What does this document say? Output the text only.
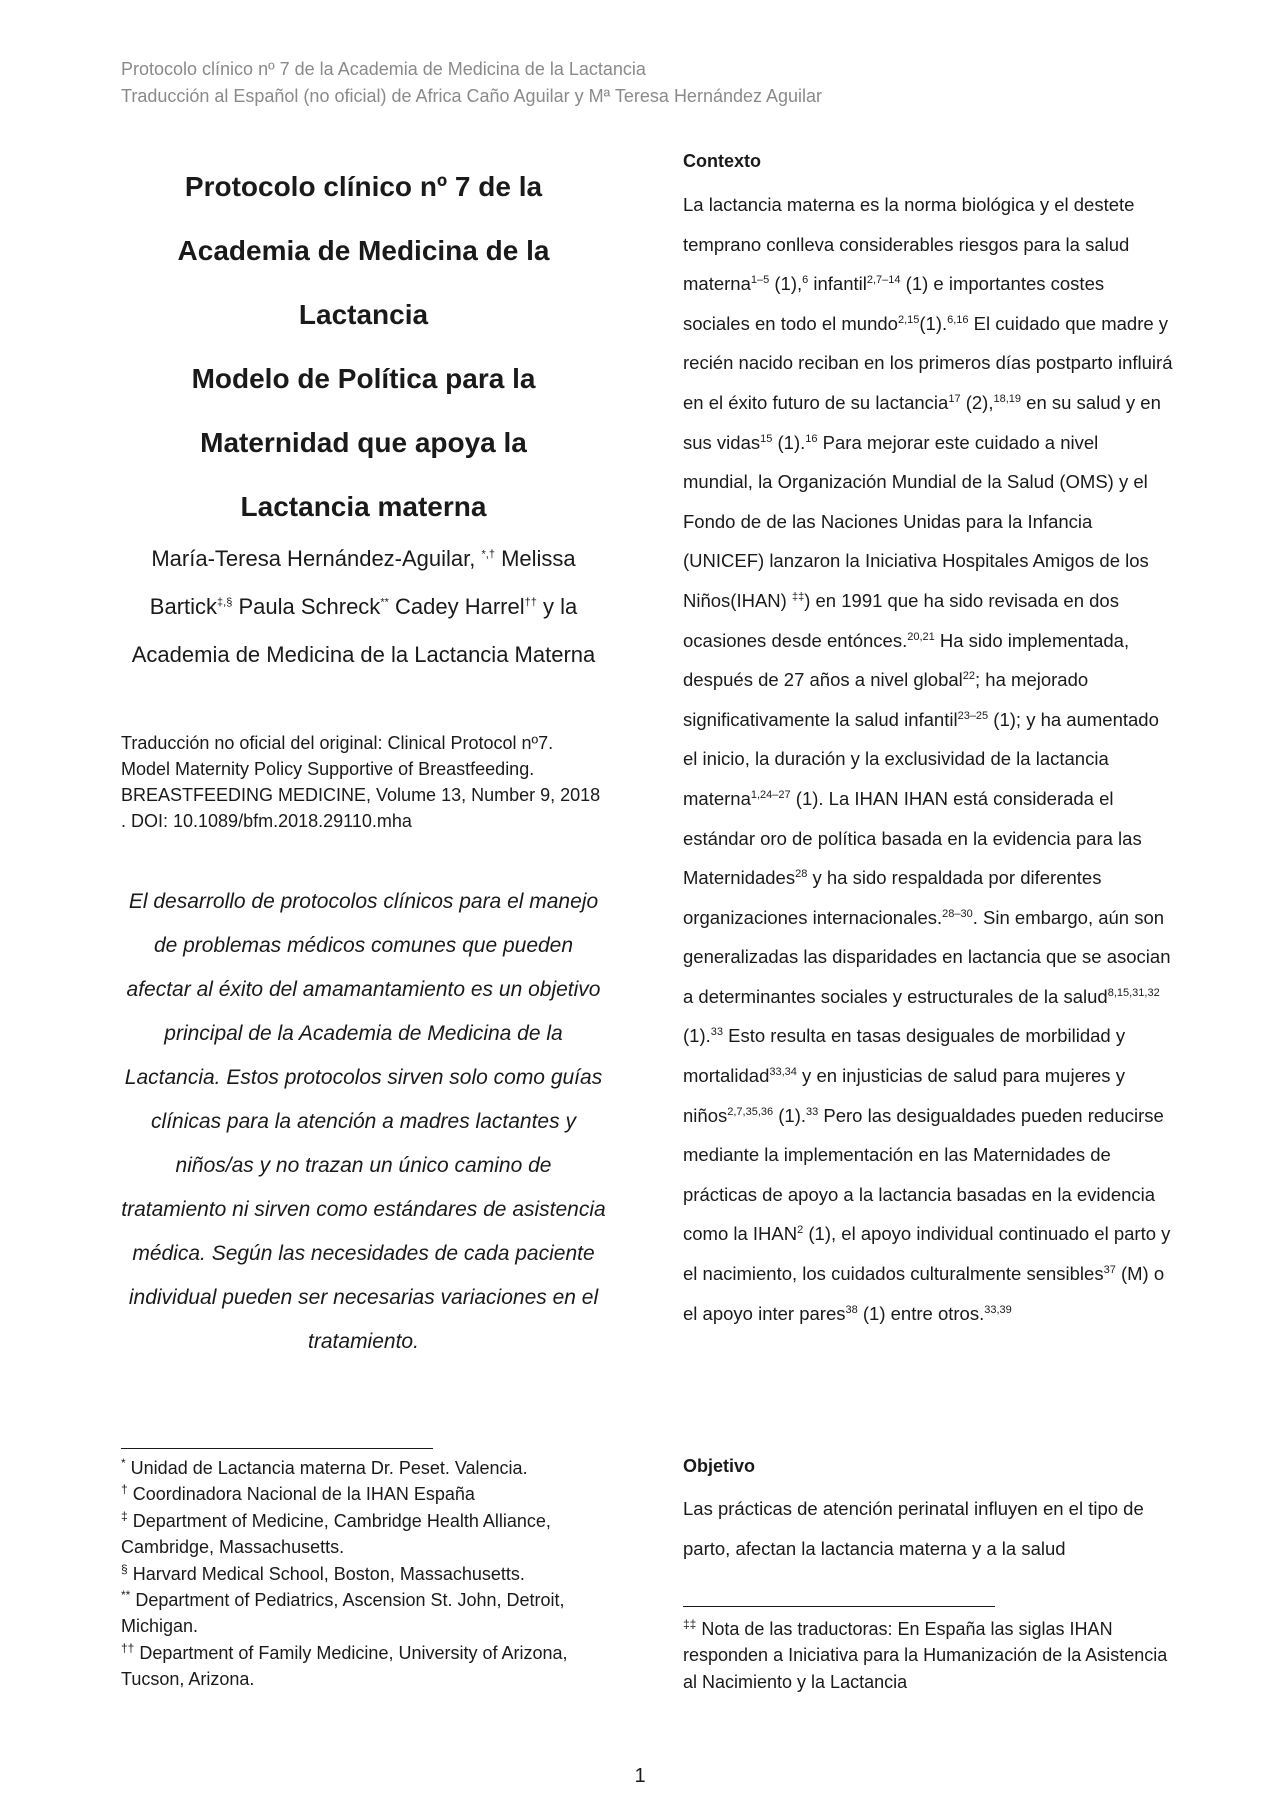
Protocolo clínico nº 7 de la Academia de Medicina de la Lactancia
Traducción al Español (no oficial) de Africa Caño Aguilar y Mª Teresa Hernández Aguilar
Protocolo clínico nº 7 de la
Academia de Medicina de la
Lactancia
Modelo de Política para la
Maternidad que apoya la
Lactancia materna
María-Teresa Hernández-Aguilar, *,† Melissa Bartick‡,§ Paula Schreck** Cadey Harrel†† y la Academia de Medicina de la Lactancia Materna
Traducción no oficial del original: Clinical Protocol nº7. Model Maternity Policy Supportive of Breastfeeding. BREASTFEEDING MEDICINE, Volume 13, Number 9, 2018 . DOI: 10.1089/bfm.2018.29110.mha
El desarrollo de protocolos clínicos para el manejo de problemas médicos comunes que pueden afectar al éxito del amamantamiento es un objetivo principal de la Academia de Medicina de la Lactancia. Estos protocolos sirven solo como guías clínicas para la atención a madres lactantes y niños/as y no trazan un único camino de tratamiento ni sirven como estándares de asistencia médica. Según las necesidades de cada paciente individual pueden ser necesarias variaciones en el tratamiento.
* Unidad de Lactancia materna Dr. Peset. Valencia.
† Coordinadora Nacional de la IHAN España
‡ Department of Medicine, Cambridge Health Alliance, Cambridge, Massachusetts.
§ Harvard Medical School, Boston, Massachusetts.
** Department of Pediatrics, Ascension St. John, Detroit, Michigan.
†† Department of Family Medicine, University of Arizona, Tucson, Arizona.
Contexto

La lactancia materna es la norma biológica y el destete temprano conlleva considerables riesgos para la salud materna$^{1-5}$ (1),$^6$ infantil$^{2,7-14}$ (1) e importantes costes sociales en todo el mundo$^{2,15}$(1).$^{6,16}$ El cuidado que madre y recién nacido reciban en los primeros días postparto influirá en el éxito futuro de su lactancia$^{17}$ (2),$^{18,19}$ en su salud y en sus vidas$^{15}$ (1).$^{16}$ Para mejorar este cuidado a nivel mundial, la Organización Mundial de la Salud (OMS) y el Fondo de de las Naciones Unidas para la Infancia (UNICEF) lanzaron la Iniciativa Hospitales Amigos de los Niños(IHAN) ‡‡) en 1991 que ha sido revisada en dos ocasiones desde entónces.$^{20,21}$ Ha sido implementada, después de 27 años a nivel global$^{22}$; ha mejorado significativamente la salud infantil$^{23-25}$ (1); y ha aumentado el inicio, la duración y la exclusividad de la lactancia materna$^{1,24-27}$ (1). La IHAN IHAN está considerada el estándar oro de política basada en la evidencia para las Maternidades$^{28}$ y ha sido respaldada por diferentes organizaciones internacionales.$^{28-30}$. Sin embargo, aún son generalizadas las disparidades en lactancia que se asocian a determinantes sociales y estructurales de la salud$^{8,15,31,32}$ (1).$^{33}$ Esto resulta en tasas desiguales de morbilidad y mortalidad$^{33,34}$ y en injusticias de salud para mujeres y niños$^{2,7,35,36}$ (1).$^{33}$ Pero las desigualdades pueden reducirse mediante la implementación en las Maternidades de prácticas de apoyo a la lactancia basadas en la evidencia como la IHAN$^2$ (1), el apoyo individual continuado el parto y el nacimiento, los cuidados culturalmente sensibles$^{37}$ (M) o el apoyo inter pares$^{38}$ (1) entre otros.$^{33,39}$

Objetivo

Las prácticas de atención perinatal influyen en el tipo de parto, afectan la lactancia materna y a la salud

‡‡ Nota de las traductoras: En España las siglas IHAN responden a Iniciativa para la Humanización de la Asistencia al Nacimiento y la Lactancia
1
